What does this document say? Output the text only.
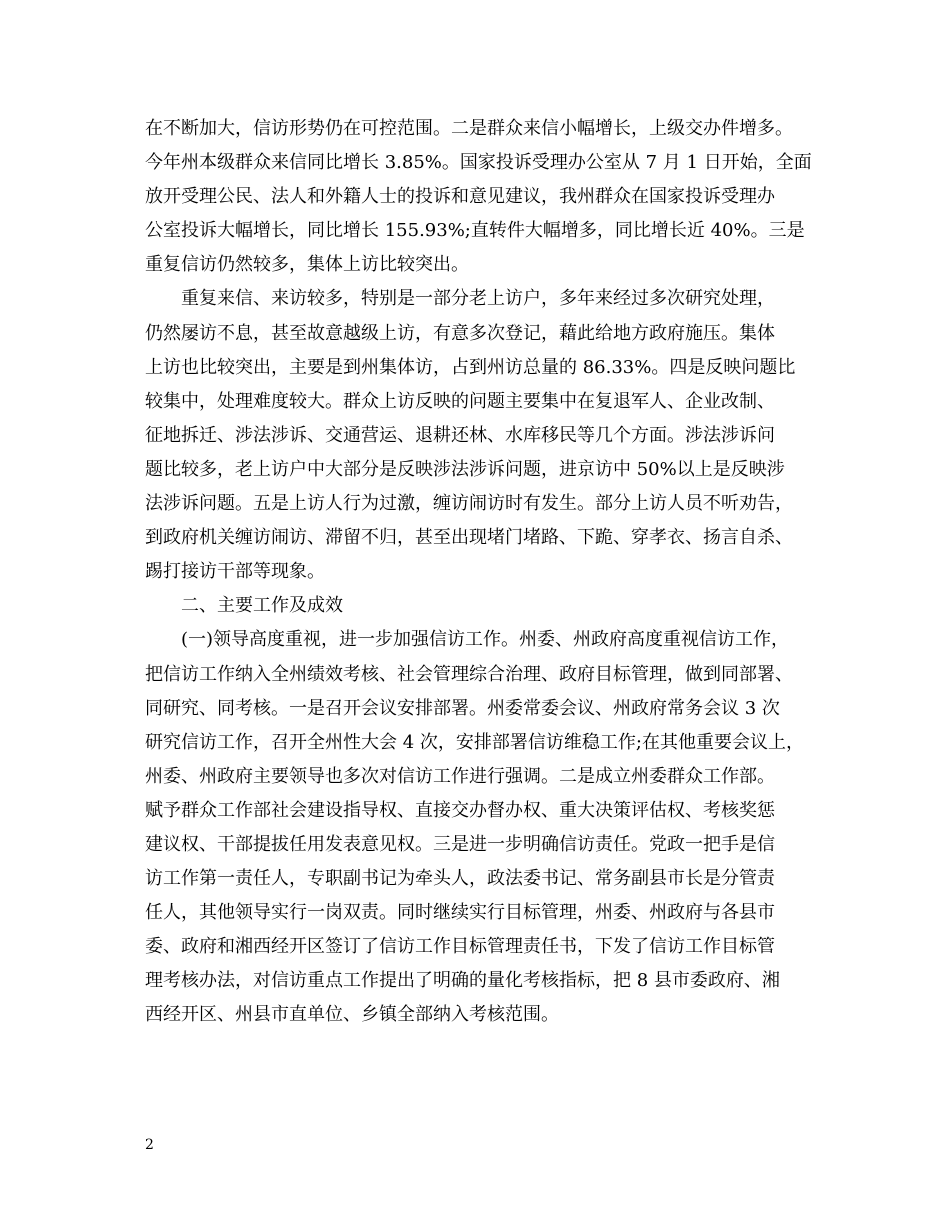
在不断加大，信访形势仍在可控范围。二是群众来信小幅增长，上级交办件增多。
今年州本级群众来信同比增长 3.85%。国家投诉受理办公室从 7 月 1 日开始，全面
放开受理公民、法人和外籍人士的投诉和意见建议，我州群众在国家投诉受理办
公室投诉大幅增长，同比增长 155.93%;直转件大幅增多，同比增长近 40%。三是
重复信访仍然较多，集体上访比较突出。
重复来信、来访较多，特别是一部分老上访户，多年来经过多次研究处理，
仍然屡访不息，甚至故意越级上访，有意多次登记，藉此给地方政府施压。集体
上访也比较突出，主要是到州集体访，占到州访总量的 86.33%。四是反映问题比
较集中，处理难度较大。群众上访反映的问题主要集中在复退军人、企业改制、
征地拆迁、涉法涉诉、交通营运、退耕还林、水库移民等几个方面。涉法涉诉问
题比较多，老上访户中大部分是反映涉法涉诉问题，进京访中 50%以上是反映涉
法涉诉问题。五是上访人行为过激，缠访闹访时有发生。部分上访人员不听劝告，
到政府机关缠访闹访、滞留不归，甚至出现堵门堵路、下跪、穿孝衣、扬言自杀、
踢打接访干部等现象。
二、主要工作及成效
(一)领导高度重视，进一步加强信访工作。州委、州政府高度重视信访工作，
把信访工作纳入全州绩效考核、社会管理综合治理、政府目标管理，做到同部署、
同研究、同考核。一是召开会议安排部署。州委常委会议、州政府常务会议 3 次
研究信访工作，召开全州性大会 4 次，安排部署信访维稳工作;在其他重要会议上，
州委、州政府主要领导也多次对信访工作进行强调。二是成立州委群众工作部。
赋予群众工作部社会建设指导权、直接交办督办权、重大决策评估权、考核奖惩
建议权、干部提拔任用发表意见权。三是进一步明确信访责任。党政一把手是信
访工作第一责任人，专职副书记为牵头人，政法委书记、常务副县市长是分管责
任人，其他领导实行一岗双责。同时继续实行目标管理，州委、州政府与各县市
委、政府和湘西经开区签订了信访工作目标管理责任书，下发了信访工作目标管
理考核办法，对信访重点工作提出了明确的量化考核指标，把 8 县市委政府、湘
西经开区、州县市直单位、乡镇全部纳入考核范围。
2
